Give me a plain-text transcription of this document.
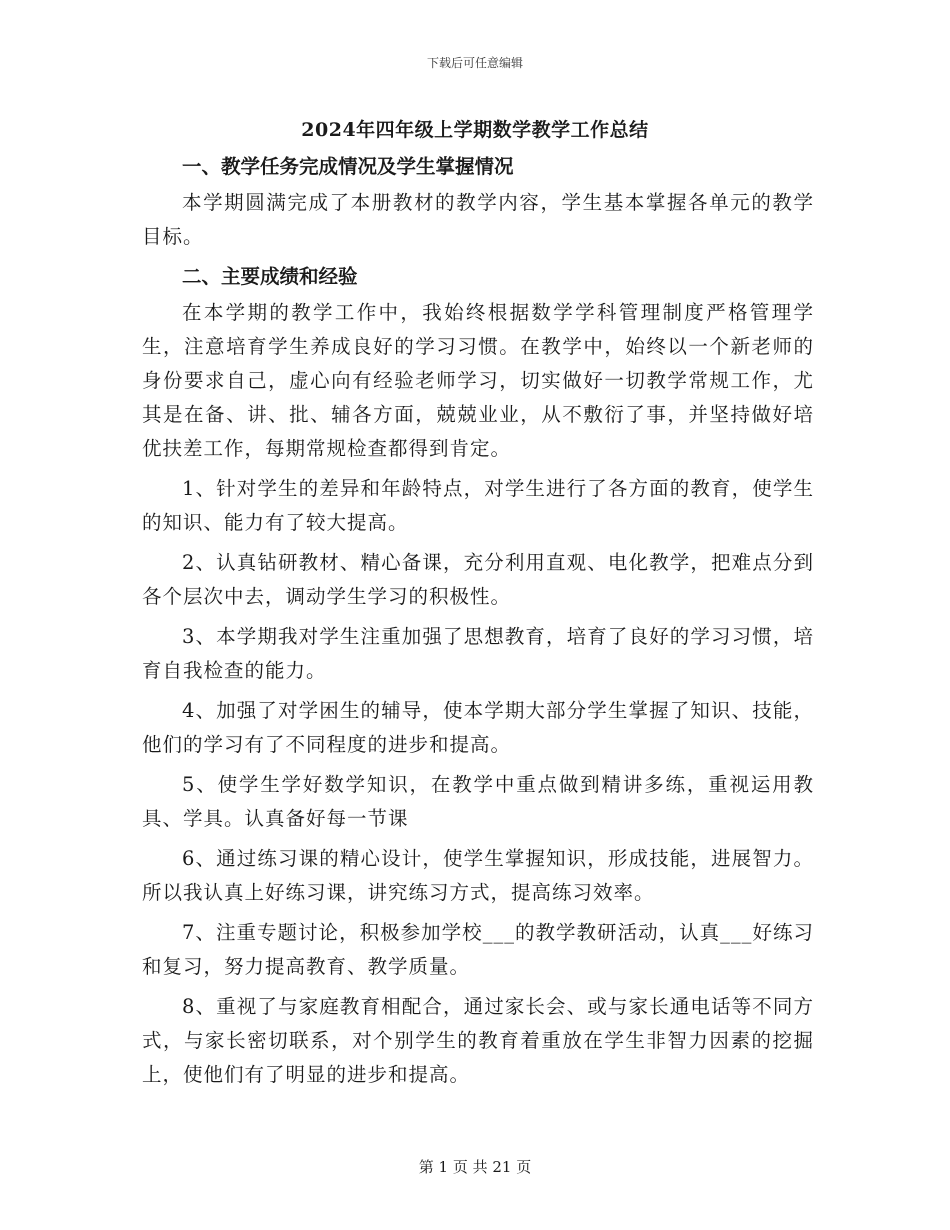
下载后可任意编辑
2024年四年级上学期数学教学工作总结

一、教学任务完成情况及学生掌握情况

本学期圆满完成了本册教材的教学内容，学生基本掌握各单元的教学目标。

二、主要成绩和经验

在本学期的教学工作中，我始终根据数学学科管理制度严格管理学生，注意培育学生养成良好的学习习惯。在教学中，始终以一个新老师的身份要求自己，虚心向有经验老师学习，切实做好一切教学常规工作，尤其是在备、讲、批、辅各方面，兢兢业业，从不敷衍了事，并坚持做好培优扶差工作，每期常规检查都得到肯定。

1、针对学生的差异和年龄特点，对学生进行了各方面的教育，使学生的知识、能力有了较大提高。

2、认真钻研教材、精心备课，充分利用直观、电化教学，把难点分到各个层次中去，调动学生学习的积极性。

3、本学期我对学生注重加强了思想教育，培育了良好的学习习惯，培育自我检查的能力。

4、加强了对学困生的辅导，使本学期大部分学生掌握了知识、技能，他们的学习有了不同程度的进步和提高。

5、使学生学好数学知识，在教学中重点做到精讲多练，重视运用教具、学具。认真备好每一节课

6、通过练习课的精心设计，使学生掌握知识，形成技能，进展智力。所以我认真上好练习课，讲究练习方式，提高练习效率。

7、注重专题讨论，积极参加学校___的教学教研活动，认真___好练习和复习，努力提高教育、教学质量。

8、重视了与家庭教育相配合，通过家长会、或与家长通电话等不同方式，与家长密切联系，对个别学生的教育着重放在学生非智力因素的挖掘上，使他们有了明显的进步和提高。

第 1 页 共 21 页
